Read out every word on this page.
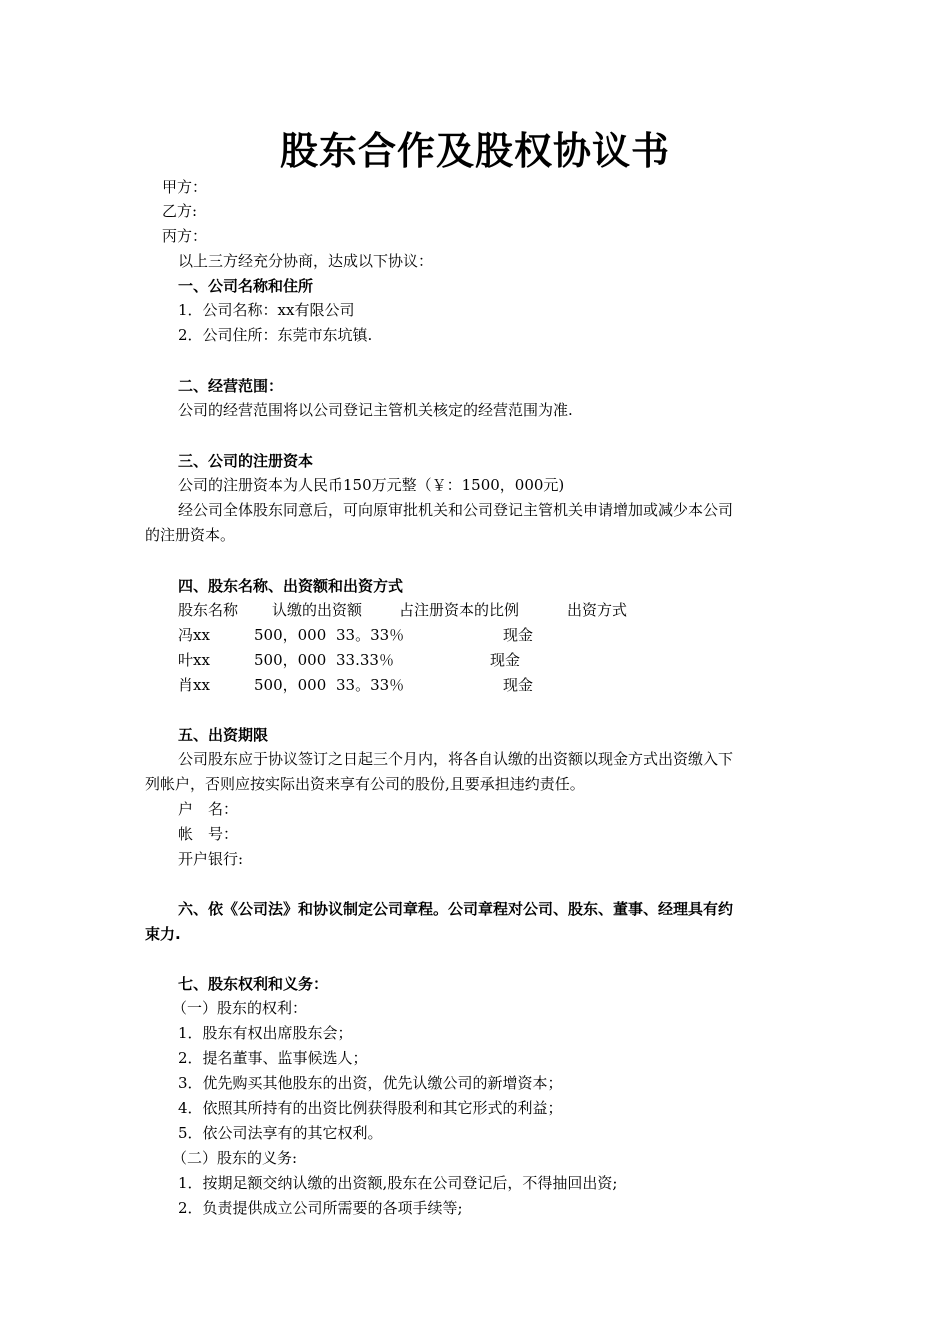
股东合作及股权协议书
甲方：
乙方:
丙方：
以上三方经充分协商，达成以下协议：
一、公司名称和住所
1．公司名称：xx有限公司
2．公司住所：东莞市东坑镇.
二、经营范围：
公司的经营范围将以公司登记主管机关核定的经营范围为准.
三、公司的注册资本
公司的注册资本为人民币150万元整（￥：1500，000元)
经公司全体股东同意后，可向原审批机关和公司登记主管机关申请增加或减少本公司
的注册资本。
四、股东名称、出资额和出资方式
股东名称 认缴的出资额 占注册资本的比例	出资方式
冯xx	500，000 33。33％	现金
叶xx	500，000 33.33％	现金
肖xx	500，000 33。33％	现金
五、出资期限
公司股东应于协议签订之日起三个月内，将各自认缴的出资额以现金方式出资缴入下
列帐户，否则应按实际出资来享有公司的股份,且要承担违约责任。
户　名：
帐　号：
开户银行:
六、依《公司法》和协议制定公司章程。公司章程对公司、股东、董事、经理具有约
束力.
七、股东权利和义务：
（一）股东的权利：
1．股东有权出席股东会；
2．提名董事、监事候选人；
3．优先购买其他股东的出资，优先认缴公司的新增资本；
4．依照其所持有的出资比例获得股利和其它形式的利益；
5．依公司法享有的其它权利。
（二）股东的义务:
1．按期足额交纳认缴的出资额,股东在公司登记后，不得抽回出资;
2．负责提供成立公司所需要的各项手续等;
